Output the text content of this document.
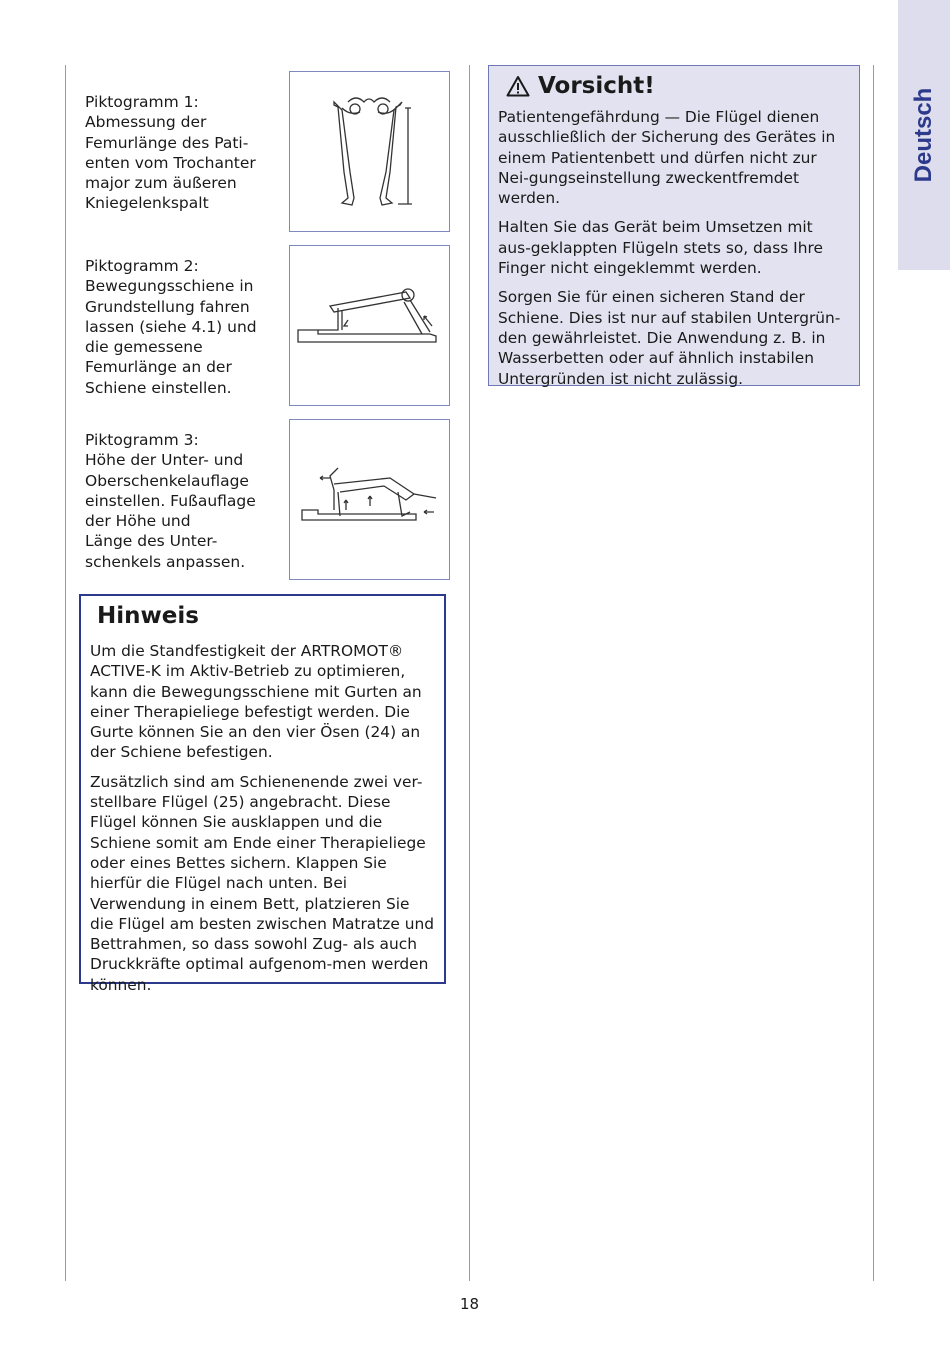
Deutsch
Piktogramm 1:
Abmessung der
Femurlänge des Pati-
enten vom Trochanter
major zum äußeren
Kniegelenkspalt
Piktogramm 2:
Bewegungsschiene in
Grundstellung fahren
lassen (siehe 4.1) und
die gemessene
Femurlänge an der
Schiene einstellen.
Piktogramm 3:
Höhe der Unter- und
Oberschenkelauflage
einstellen. Fußauflage
der Höhe und
Länge des Unter-
schenkels anpassen.
Hinweis

Um die Standfestigkeit der ARTROMOT® ACTIVE-K im Aktiv-Betrieb zu optimieren, kann die Bewegungsschiene mit Gurten an einer Therapieliege befestigt werden. Die Gurte können Sie an den vier Ösen (24) an der Schiene befestigen.

Zusätzlich sind am Schienenende zwei ver-stellbare Flügel (25) angebracht. Diese Flügel können Sie ausklappen und die Schiene somit am Ende einer Therapieliege oder eines Bettes sichern. Klappen Sie hierfür die Flügel nach unten. Bei Verwendung in einem Bett, platzieren Sie die Flügel am besten zwischen Matratze und Bettrahmen, so dass sowohl Zug- als auch Druckkräfte optimal aufgenom-men werden können.

Vorsicht!

Patientengefährdung — Die Flügel dienen ausschließlich der Sicherung des Gerätes in einem Patientenbett und dürfen nicht zur Nei-gungseinstellung zweckentfremdet werden.

Halten Sie das Gerät beim Umsetzen mit aus-geklappten Flügeln stets so, dass Ihre Finger nicht eingeklemmt werden.

Sorgen Sie für einen sicheren Stand der Schiene. Dies ist nur auf stabilen Untergrün-den gewährleistet. Die Anwendung z. B. in Wasserbetten oder auf ähnlich instabilen Untergründen ist nicht zulässig.

18
